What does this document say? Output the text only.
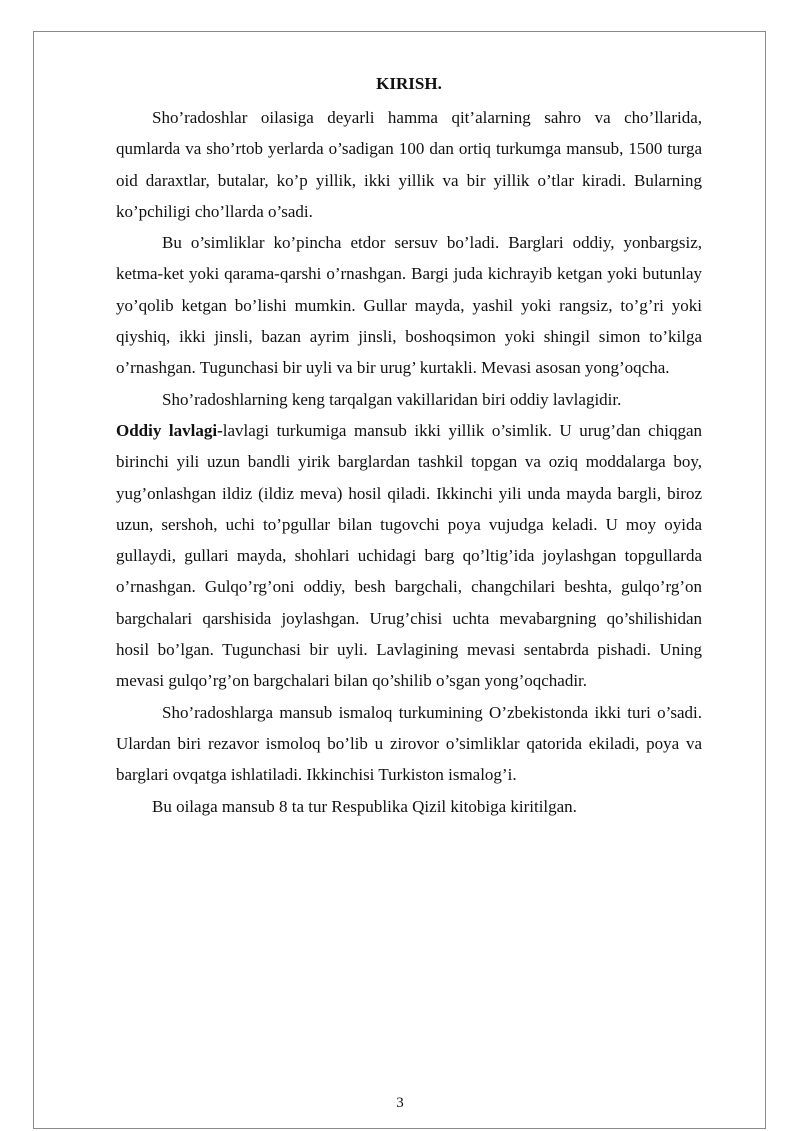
KIRISH.

Sho’radoshlar oilasiga deyarli hamma qit’alarning sahro va cho’llarida, qumlarda va sho’rtob yerlarda o’sadigan 100 dan ortiq turkumga mansub, 1500 turga oid daraxtlar, butalar, ko’p yillik, ikki yillik va bir yillik o’tlar kiradi. Bularning ko’pchiligi cho’llarda o’sadi.

Bu o’simliklar ko’pincha etdor sersuv bo’ladi. Barglari oddiy, yonbargsiz, ketma-ket yoki qarama-qarshi o’rnashgan. Bargi juda kichrayib ketgan yoki butunlay yo’qolib ketgan bo’lishi mumkin. Gullar mayda, yashil yoki rangsiz, to’g’ri yoki qiyshiq, ikki jinsli, bazan ayrim jinsli, boshoqsimon yoki shingil simon to’kilga o’rnashgan. Tugunchasi bir uyli va bir urug’ kurtakli. Mevasi asosan yong’oqcha.

Sho’radoshlarning keng tarqalgan vakillaridan biri oddiy lavlagidir.

Oddiy lavlagi-lavlagi turkumiga mansub ikki yillik o’simlik. U urug’dan chiqgan birinchi yili uzun bandli yirik barglardan tashkil topgan va oziq moddalarga boy, yug’onlashgan ildiz (ildiz meva) hosil qiladi. Ikkinchi yili unda mayda bargli, biroz uzun, sershoh, uchi to’pgullar bilan tugovchi poya vujudga keladi. U moy oyida gullaydi, gullari mayda, shohlari uchidagi barg qo’ltig’ida joylashgan topgullarda o’rnashgan. Gulqo’rg’oni oddiy, besh bargchali, changchilari beshta, gulqo’rg’on bargchalari qarshisida joylashgan. Urug’chisi uchta mevabargning qo’shilishidan hosil bo’lgan. Tugunchasi bir uyli. Lavlagining mevasi sentabrda pishadi. Uning mevasi gulqo’rg’on bargchalari bilan qo’shilib o’sgan yong’oqchadir.

Sho’radoshlarga mansub ismaloq turkumining O’zbekistonda ikki turi o’sadi. Ulardan biri rezavor ismoloq bo’lib u zirovor o’simliklar qatorida ekiladi, poya va barglari ovqatga ishlatiladi. Ikkinchisi Turkiston ismalog’i.

Bu oilaga mansub 8 ta tur Respublika Qizil kitobiga kiritilgan.

3
